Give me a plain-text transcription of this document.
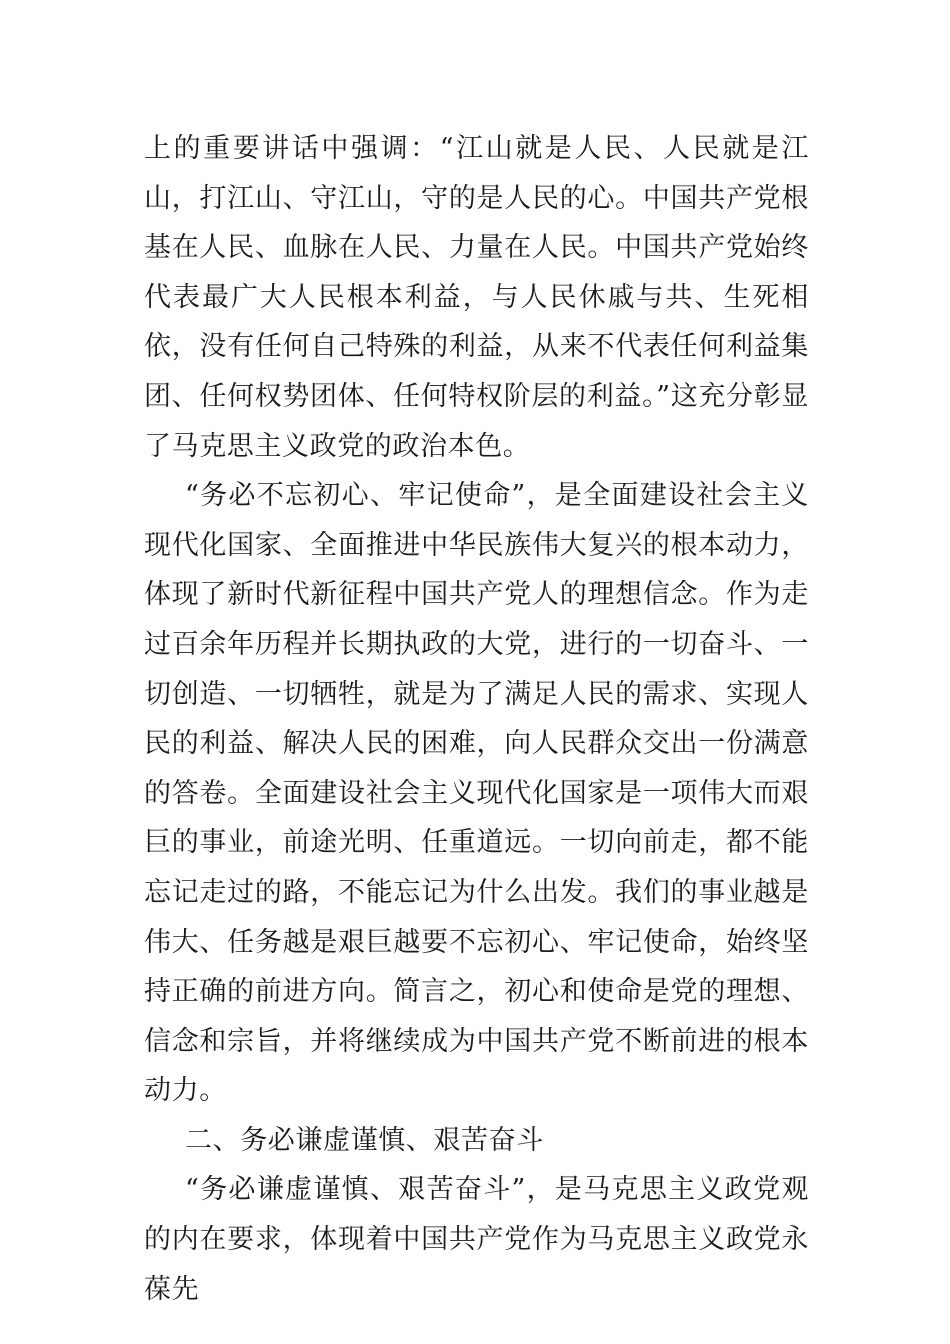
上的重要讲话中强调：“江山就是人民、人民就是江山，打江山、守江山，守的是人民的心。中国共产党根基在人民、血脉在人民、力量在人民。中国共产党始终代表最广大人民根本利益，与人民休戚与共、生死相依，没有任何自己特殊的利益，从来不代表任何利益集团、任何权势团体、任何特权阶层的利益。”这充分彰显了马克思主义政党的政治本色。

“务必不忘初心、牢记使命”，是全面建设社会主义现代化国家、全面推进中华民族伟大复兴的根本动力，体现了新时代新征程中国共产党人的理想信念。作为走过百余年历程并长期执政的大党，进行的一切奋斗、一切创造、一切牺牲，就是为了满足人民的需求、实现人民的利益、解决人民的困难，向人民群众交出一份满意的答卷。全面建设社会主义现代化国家是一项伟大而艰巨的事业，前途光明、任重道远。一切向前走，都不能忘记走过的路，不能忘记为什么出发。我们的事业越是伟大、任务越是艰巨越要不忘初心、牢记使命，始终坚持正确的前进方向。简言之，初心和使命是党的理想、信念和宗旨，并将继续成为中国共产党不断前进的根本动力。

二、务必谦虚谨慎、艰苦奋斗

“务必谦虚谨慎、艰苦奋斗”，是马克思主义政党观的内在要求，体现着中国共产党作为马克思主义政党永葆先
